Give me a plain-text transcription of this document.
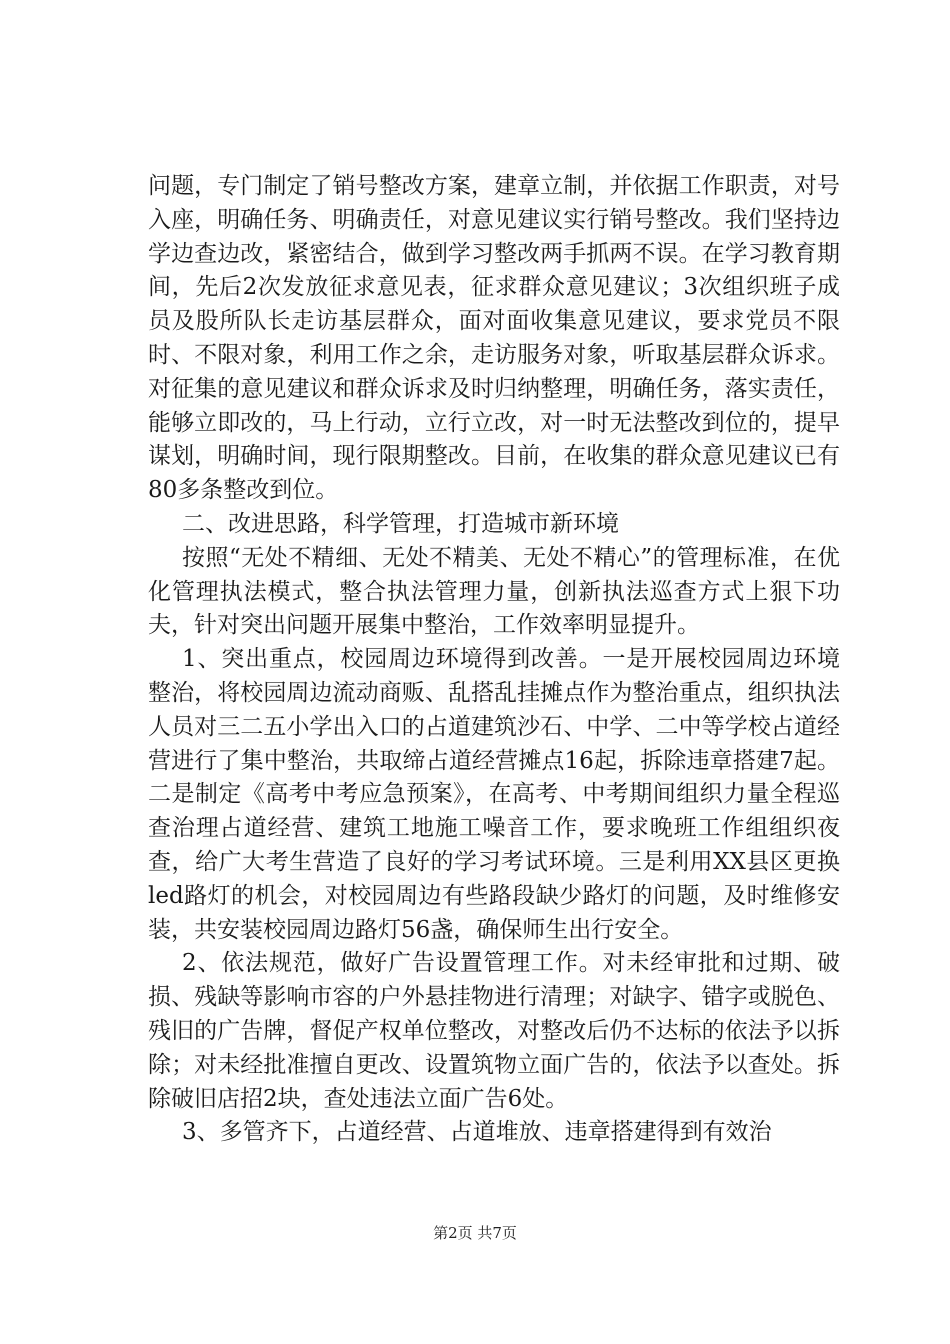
问题，专门制定了销号整改方案，建章立制，并依据工作职责，对号入座，明确任务、明确责任，对意见建议实行销号整改。我们坚持边学边查边改，紧密结合，做到学习整改两手抓两不误。在学习教育期间，先后2次发放征求意见表，征求群众意见建议；3次组织班子成员及股所队长走访基层群众，面对面收集意见建议，要求党员不限时、不限对象，利用工作之余，走访服务对象，听取基层群众诉求。对征集的意见建议和群众诉求及时归纳整理，明确任务，落实责任，能够立即改的，马上行动，立行立改，对一时无法整改到位的，提早谋划，明确时间，现行限期整改。目前，在收集的群众意见建议已有80多条整改到位。

二、改进思路，科学管理，打造城市新环境

按照“无处不精细、无处不精美、无处不精心”的管理标准，在优化管理执法模式，整合执法管理力量，创新执法巡查方式上狠下功夫，针对突出问题开展集中整治，工作效率明显提升。

1、突出重点，校园周边环境得到改善。一是开展校园周边环境整治，将校园周边流动商贩、乱搭乱挂摊点作为整治重点，组织执法人员对三二五小学出入口的占道建筑沙石、中学、二中等学校占道经营进行了集中整治，共取缔占道经营摊点16起，拆除违章搭建7起。二是制定《高考中考应急预案》，在高考、中考期间组织力量全程巡查治理占道经营、建筑工地施工噪音工作，要求晚班工作组组织夜查，给广大考生营造了良好的学习考试环境。三是利用XX县区更换led路灯的机会，对校园周边有些路段缺少路灯的问题，及时维修安装，共安装校园周边路灯56盏，确保师生出行安全。

2、依法规范，做好广告设置管理工作。对未经审批和过期、破损、残缺等影响市容的户外悬挂物进行清理；对缺字、错字或脱色、残旧的广告牌，督促产权单位整改，对整改后仍不达标的依法予以拆除；对未经批准擅自更改、设置筑物立面广告的，依法予以查处。拆除破旧店招2块，查处违法立面广告6处。

3、多管齐下，占道经营、占道堆放、违章搭建得到有效治

第2页 共7页
